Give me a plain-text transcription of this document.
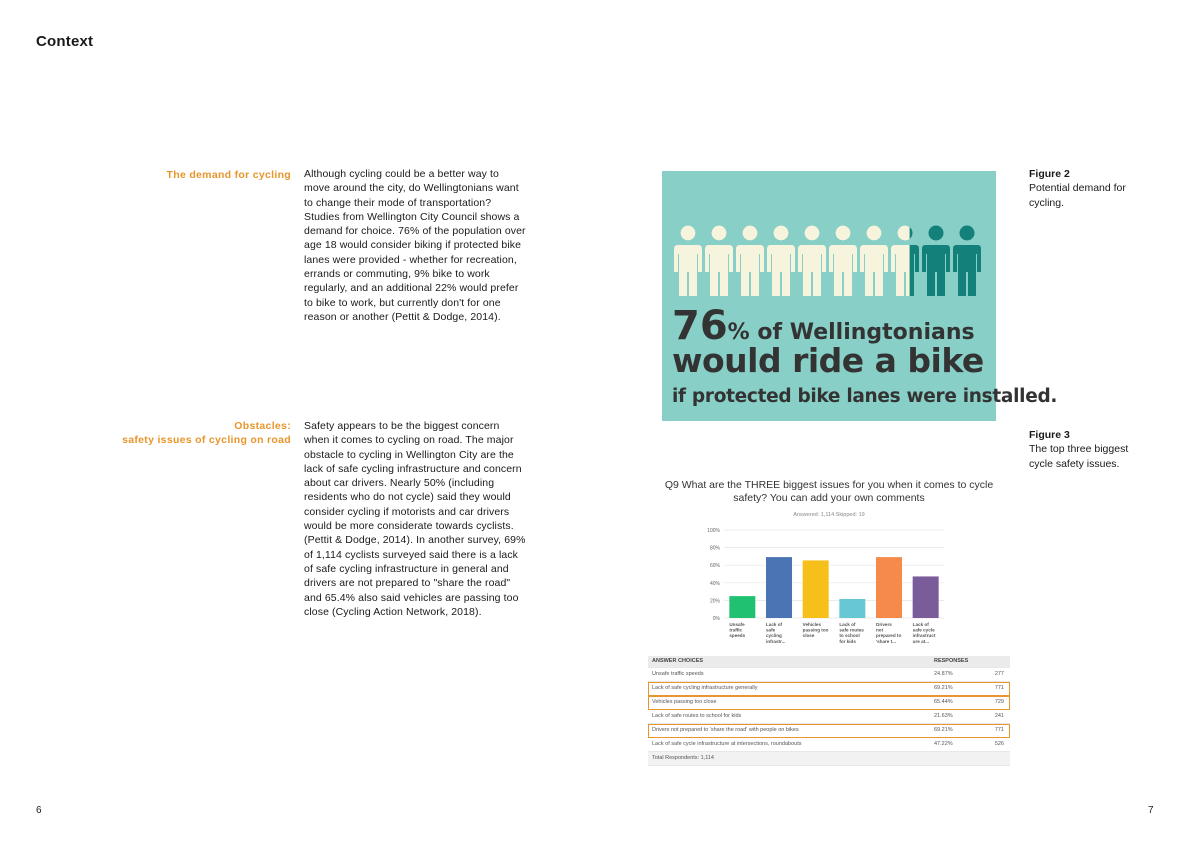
Context
The demand for cycling Although cycling could be a better way to
move around the city, do Wellingtonians want
to change their mode of transportation?
Studies from Wellington City Council shows a
demand for choice. 76% of the population over
age 18 would consider biking if protected bike
lanes were provided - whether for recreation,
errands or commuting, 9% bike to work
regularly, and an additional 22% would prefer
to bike to work, but currently don't for one
reason or another (Pettit & Dodge, 2014).
Obstacles:
safety issues of cycling on road
Safety appears to be the biggest concern
when it comes to cycling on road. The major
obstacle to cycling in Wellington City are the
lack of safe cycling infrastructure and concern
about car drivers. Nearly 50% (including
residents who do not cycle) said they would
consider cycling if motorists and car drivers
would be more considerate towards cyclists.
(Pettit & Dodge, 2014). In another survey, 69%
of 1,114 cyclists surveyed said there is a lack
of safe cycling infrastructure in general and
drivers are not prepared to "share the road"
and 65.4% also said vehicles are passing too
close (Cycling Action Network, 2018).
76% of Wellingtonians
would ride a bike
if protected bike lanes were installed.
Figure 2
Potential demand for
cycling.
Figure 3
The top three biggest
cycle safety issues.
Q9 What are the THREE biggest issues for you when it comes to cycle
safety? You can add your own comments
Answered: 1,114 Skipped: 19
0%
20%
40%
60%
80%
100%
Unsafe traffic speeds
Lack of safe cycling infrastr...
Vehicles passing too close
Lack of safe routes to school for kids
Drivers not prepared to 'share t...
Lack of safe cycle infrastruct ure at...
ANSWER CHOICES	RESPONSES
Unsafe traffic speeds	24.87%	277
Lack of safe cycling infrastructure generally	69.21%	771
Vehicles passing too close	65.44%	729
Lack of safe routes to school for kids	21.63%	241
Drivers not prepared to 'share the road' with people on bikes	69.21%	771
Lack of safe cycle infrastructure at intersections, roundabouts	47.22%	526
Total Respondents: 1,114
6	7
